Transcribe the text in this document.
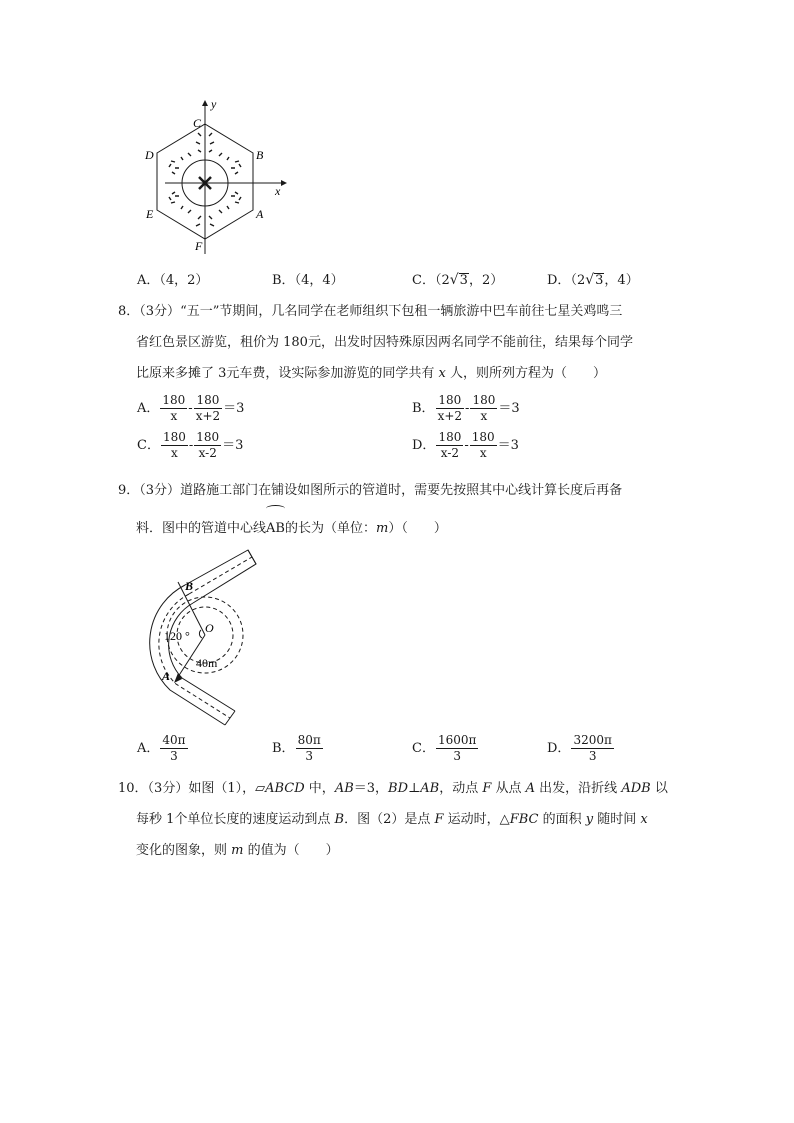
y
x
C
D	B
E	A
F
A．（4，2）	B．（4，4）	C．（2√3，2）	D．（2√3，4）
8．（3分）“五一”节期间，几名同学在老师组织下包租一辆旅游中巴车前往七星关鸡鸣三
省红色景区游览，租价为 180元，出发时因特殊原因两名同学不能前往，结果每个同学
比原来多摊了 3元车费，设实际参加游览的同学共有 x 人，则所列方程为（　　）
A． $\frac{180}{x} - \frac{180}{x+2} =3$	B． $\frac{180}{x+2} - \frac{180}{x} =3$
C． $\frac{180}{x} - \frac{180}{x-2} =3$	D． $\frac{180}{x-2} - \frac{180}{x} =3$
9．（3分）道路施工部门在铺设如图所示的管道时，需要先按照其中心线计算长度后再备
料．图中的管道中心线AB的长为（单位：m）（　　）
B
O
120 °
40m
A
A． $\frac{40\pi}{3}$	B． $\frac{80\pi}{3}$	C． $\frac{1600\pi}{3}$	D． $\frac{3200\pi}{3}$
10．（3分）如图（1），▱ABCD 中，AB＝3，BD⊥AB，动点 F 从点 A 出发，沿折线 ADB 以
每秒 1个单位长度的速度运动到点 B．图（2）是点 F 运动时，△FBC 的面积 y 随时间 x
变化的图象，则 m 的值为（　　）
